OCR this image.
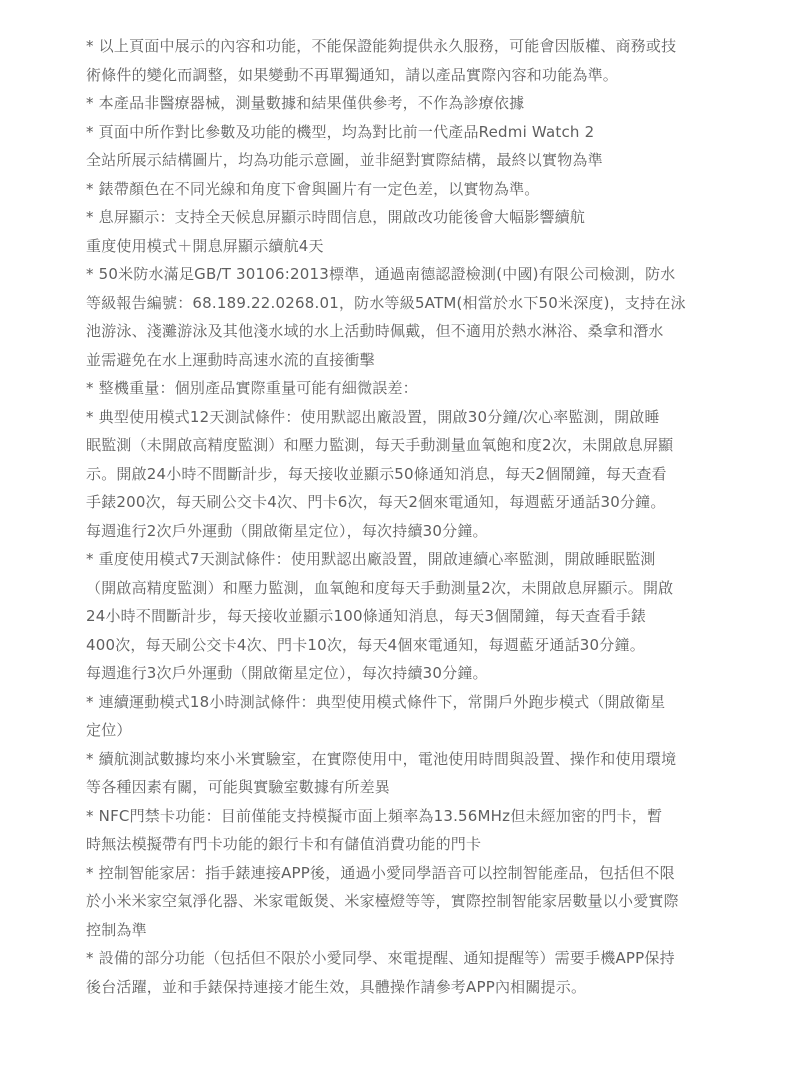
* 以上頁面中展示的內容和功能，不能保證能夠提供永久服務，可能會因版權、商務或技
術條件的變化而調整，如果變動不再單獨通知，請以產品實際內容和功能為準。
* 本產品非醫療器械，測量數據和結果僅供參考，不作為診療依據
* 頁面中所作對比參數及功能的機型，均為對比前一代產品Redmi Watch 2
全站所展示結構圖片，均為功能示意圖，並非絕對實際結構，最終以實物為準
* 錶帶顏色在不同光線和角度下會與圖片有一定色差，以實物為準。
* 息屏顯示：支持全天候息屏顯示時間信息，開啟改功能後會大幅影響續航
重度使用模式＋開息屏顯示續航4天
* 50米防水滿足GB/T 30106:2013標準，通過南德認證檢測(中國)有限公司檢測，防水
等級報告編號：68.189.22.0268.01，防水等級5ATM(相當於水下50米深度)，支持在泳
池游泳、淺灘游泳及其他淺水域的水上活動時佩戴，但不適用於熱水淋浴、桑拿和潛水
並需避免在水上運動時高速水流的直接衝擊
* 整機重量：個別產品實際重量可能有細微誤差：
* 典型使用模式12天測試條件：使用默認出廠設置，開啟30分鐘/次心率監測，開啟睡
眠監測（未開啟高精度監測）和壓力監測，每天手動測量血氧飽和度2次，未開啟息屏顯
示。開啟24小時不間斷計步，每天接收並顯示50條通知消息，每天2個鬧鐘，每天查看
手錶200次，每天刷公交卡4次、門卡6次，每天2個來電通知，每週藍牙通話30分鐘。
每週進行2次戶外運動（開啟衛星定位），每次持續30分鐘。
* 重度使用模式7天測試條件：使用默認出廠設置，開啟連續心率監測，開啟睡眠監測
（開啟高精度監測）和壓力監測，血氧飽和度每天手動測量2次，未開啟息屏顯示。開啟
24小時不間斷計步，每天接收並顯示100條通知消息，每天3個鬧鐘，每天查看手錶
400次，每天刷公交卡4次、門卡10次，每天4個來電通知，每週藍牙通話30分鐘。
每週進行3次戶外運動（開啟衛星定位），每次持續30分鐘。
* 連續運動模式18小時測試條件：典型使用模式條件下，常開戶外跑步模式（開啟衛星
定位）
* 續航測試數據均來小米實驗室，在實際使用中，電池使用時間與設置、操作和使用環境
等各種因素有關，可能與實驗室數據有所差異
* NFC門禁卡功能：目前僅能支持模擬市面上頻率為13.56MHz但未經加密的門卡，暫
時無法模擬帶有門卡功能的銀行卡和有儲值消費功能的門卡
* 控制智能家居：指手錶連接APP後，通過小愛同學語音可以控制智能產品，包括但不限
於小米米家空氣淨化器、米家電飯煲、米家檯燈等等，實際控制智能家居數量以小愛實際
控制為準
* 設備的部分功能（包括但不限於小愛同學、來電提醒、通知提醒等）需要手機APP保持
後台活躍，並和手錶保持連接才能生效，具體操作請參考APP內相關提示。
